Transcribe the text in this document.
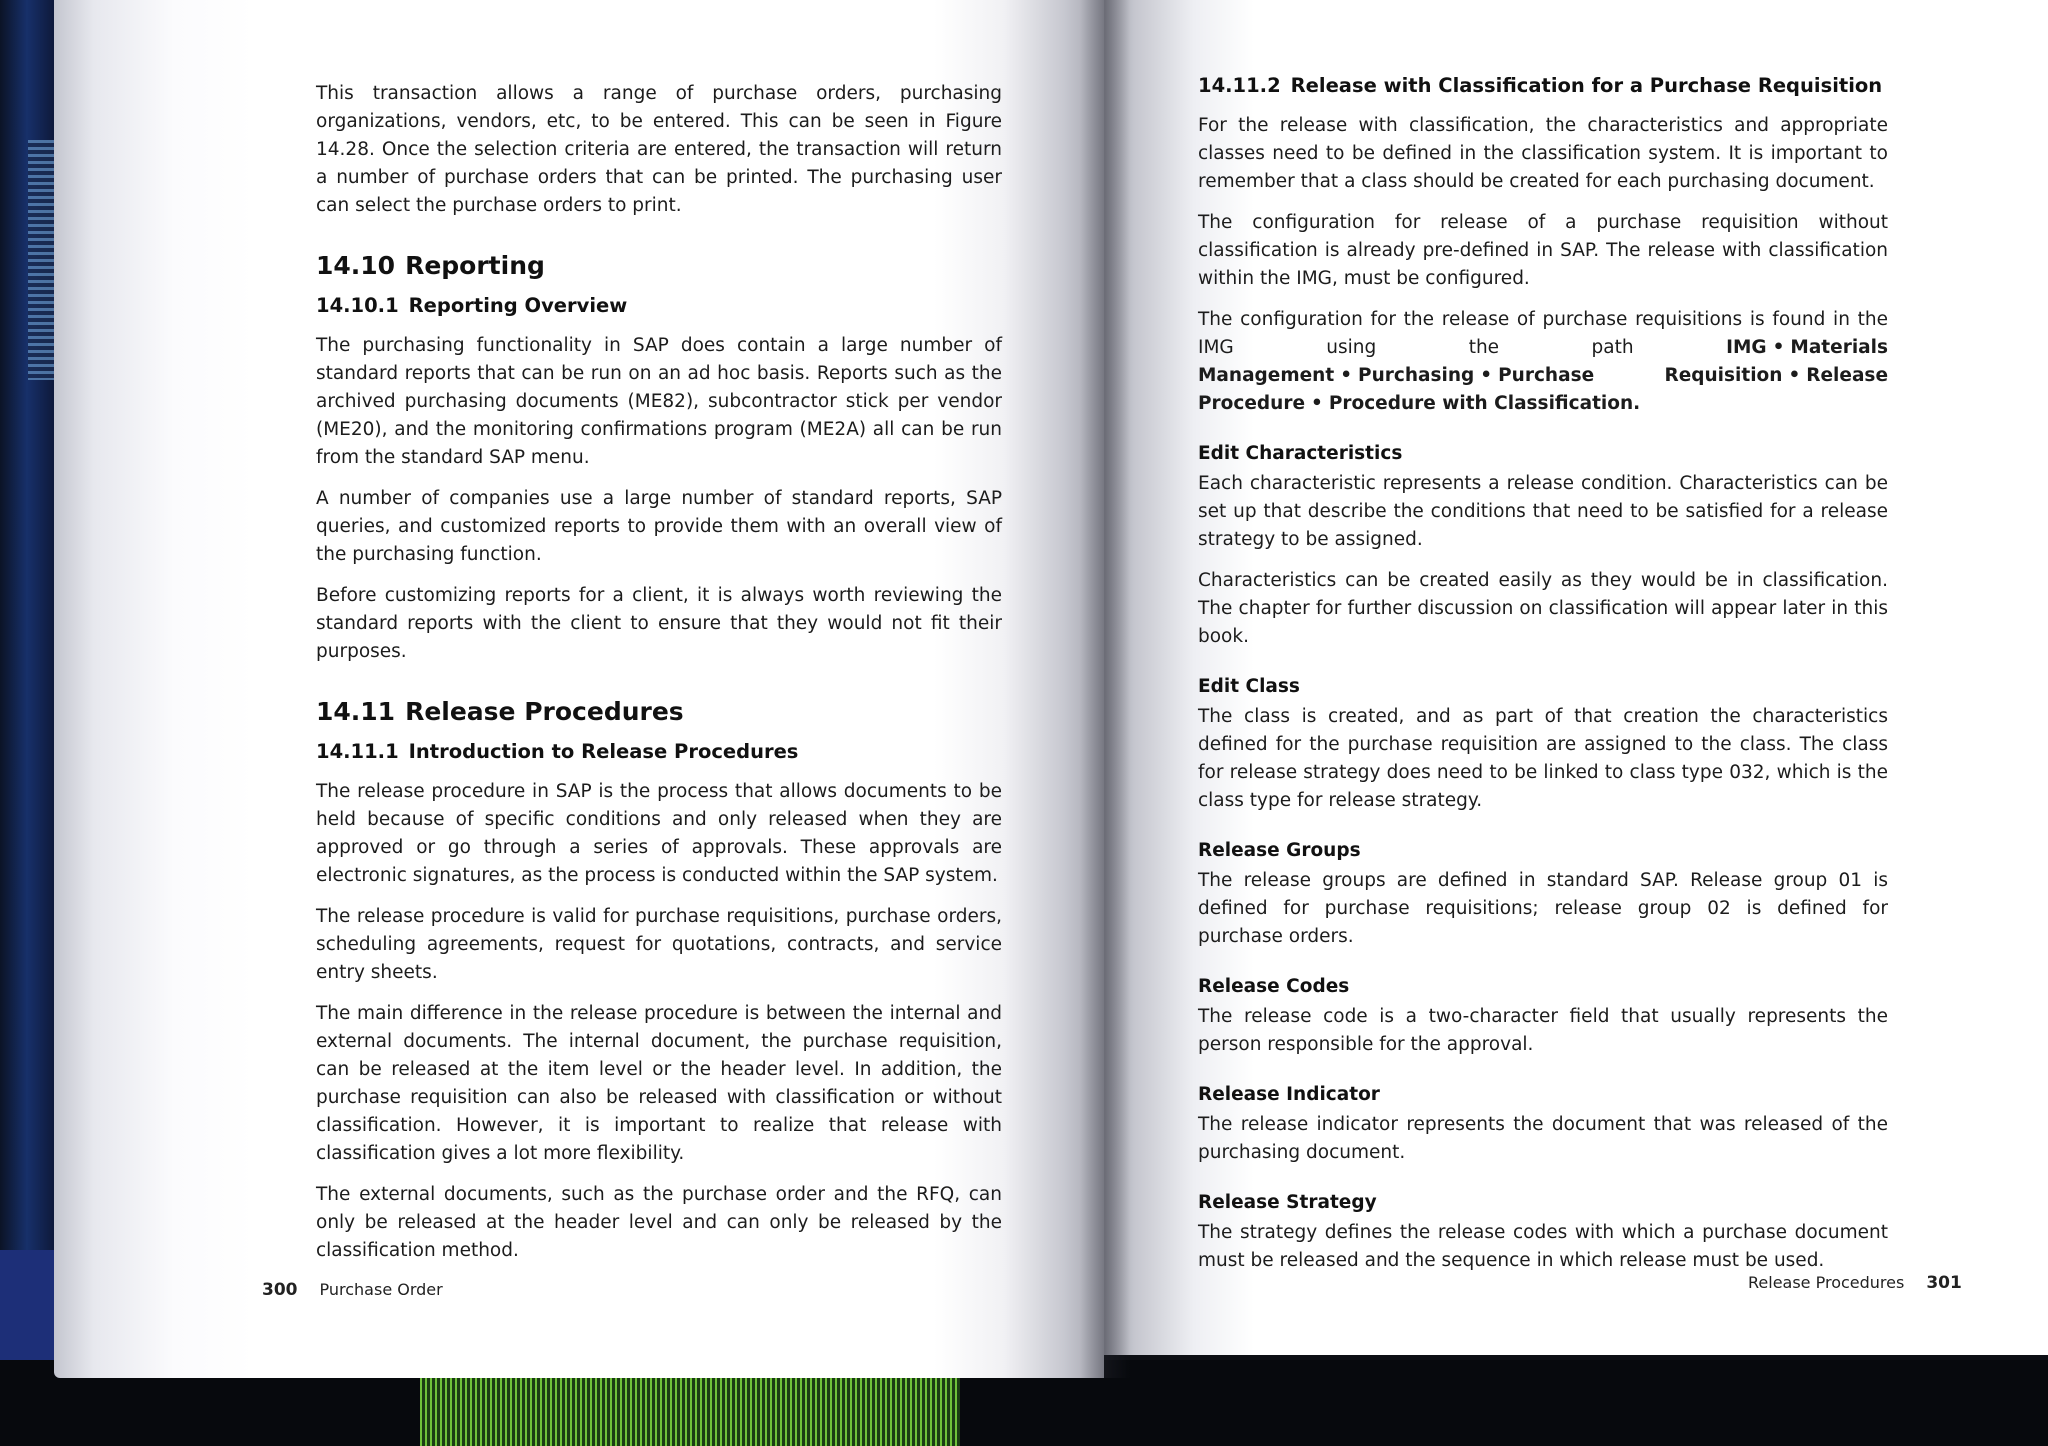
This transaction allows a range of purchase orders, purchasing organizations, vendors, etc, to be entered. This can be seen in Figure 14.28. Once the selection criteria are entered, the transaction will return a number of purchase orders that can be printed. The purchasing user can select the purchase orders to print.

14.10 Reporting
14.10.1 Reporting Overview

The purchasing functionality in SAP does contain a large number of standard reports that can be run on an ad hoc basis. Reports such as the archived purchasing documents (ME82), subcontractor stick per vendor (ME20), and the monitoring confirmations program (ME2A) all can be run from the standard SAP menu.

A number of companies use a large number of standard reports, SAP queries, and customized reports to provide them with an overall view of the purchasing function.

Before customizing reports for a client, it is always worth reviewing the standard reports with the client to ensure that they would not fit their purposes.

14.11 Release Procedures
14.11.1 Introduction to Release Procedures

The release procedure in SAP is the process that allows documents to be held because of specific conditions and only released when they are approved or go through a series of approvals. These approvals are electronic signatures, as the process is conducted within the SAP system.

The release procedure is valid for purchase requisitions, purchase orders, scheduling agreements, request for quotations, contracts, and service entry sheets.

The main difference in the release procedure is between the internal and external documents. The internal document, the purchase requisition, can be released at the item level or the header level. In addition, the purchase requisition can also be released with classification or without classification. However, it is important to realize that release with classification gives a lot more flexibility.

The external documents, such as the purchase order and the RFQ, can only be released at the header level and can only be released by the classification method.

300 Purchase Order
14.11.2 Release with Classification for a Purchase Requisition

For the release with classification, the characteristics and appropriate classes need to be defined in the classification system. It is important to remember that a class should be created for each purchasing document.

The configuration for release of a purchase requisition without classification is already pre-defined in SAP. The release with classification within the IMG, must be configured.

The configuration for the release of purchase requisitions is found in the IMG using the path IMG • Materials Management • Purchasing • Purchase Requisition • Release Procedure • Procedure with Classification.

Edit Characteristics

Each characteristic represents a release condition. Characteristics can be set up that describe the conditions that need to be satisfied for a release strategy to be assigned.

Characteristics can be created easily as they would be in classification. The chapter for further discussion on classification will appear later in this book.

Edit Class

The class is created, and as part of that creation the characteristics defined for the purchase requisition are assigned to the class. The class for release strategy does need to be linked to class type 032, which is the class type for release strategy.

Release Groups

The release groups are defined in standard SAP. Release group 01 is defined for purchase requisitions; release group 02 is defined for purchase orders.

Release Codes

The release code is a two-character field that usually represents the person responsible for the approval.

Release Indicator

The release indicator represents the document that was released of the purchasing document.

Release Strategy

The strategy defines the release codes with which a purchase document must be released and the sequence in which release must be used.

Release Procedures 301
